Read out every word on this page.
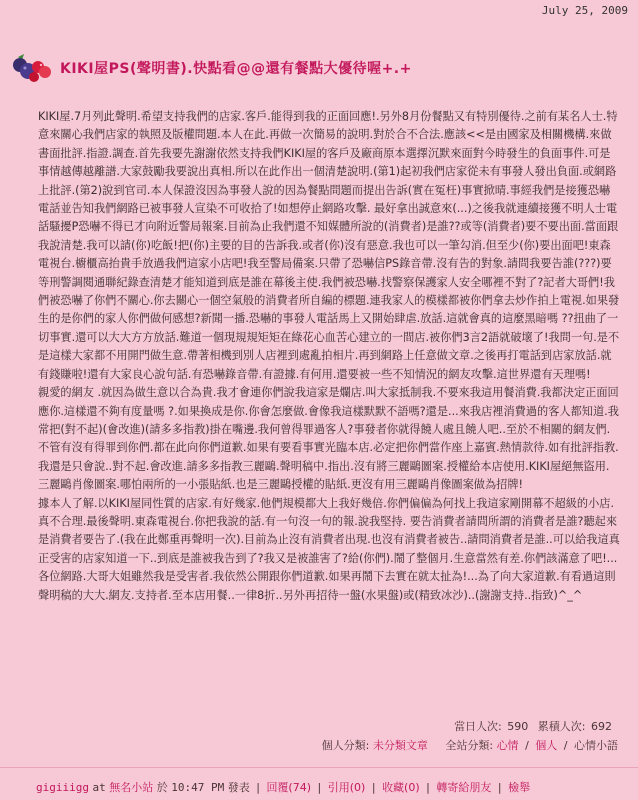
July 25, 2009
KIKI屋PS(聲明書).快點看@@還有餐點大優待喔+.+

KIKI屋.7月列此聲明.希望支持我們的店家.客戶.能得到我的正面回應!.另外8月份餐點又有特別優待.之前有某名人士.特意來關心我們店家的執照及版權問題.本人在此.再做一次簡易的說明.對於合不合法.應該<<是由國家及相關機構.來做書面批評.指證.調查.首先我要先謝謝依然支持我們KIKI屋的客戶及廠商原本選擇沉默來面對今時發生的負面事件.可是事情越傳越離譜.大家鼓勵我要說出真相.所以在此作出一個清楚說明.(第1)起初我們店家從未有事發人發出負面.或網路上批評.(第2)說到官司.本人保證沒因為事發人說的因為餐點問題而提出告訴(實在冤枉)事實掀晴.事經我們是接獲恐嚇電話並告知我們網路已被事發人宣染不可收拾了!如想停止網路攻擊. 最好拿出誠意來(...)之後我就連續接獲不明人士電話騷擾P恐嚇不得已才向附近警局報案.目前為止我們還不知媒體所說的(消費者)是誰??或等(消費者)要不要出面.當面跟我說清楚.我可以請(你)吃飯!把(你)主要的目的告訴我.或者(你)沒有惡意.我也可以一筆勾消.但至少(你)要出面吧!東森電視台.櫥櫃高抬貴手放過我們這家小店吧!我至警局備案.只帶了恐嚇信PS錄音帶.沒有告的對象.請問我要告誰(???)要等刑警調閱通聯紀錄查清楚才能知道到底是誰在幕後主使.我們被恐嚇.找警察保護家人安全哪裡不對了?記者大哥們!我們被恐嚇了你們不關心.你去關心一個空氣般的消費者所自編的標題.連我家人的模樣都被你們拿去炒作拍上電視.如果發生的是你們的家人你們做何感想?新聞一播.恐嚇的事發人電話馬上又開始肆虐.放話.這就會真的這麼黑暗嗎 ??扭曲了一切事實.還可以大大方方放話.難道一個現規規矩矩在綠花心血苦心建立的一間店.被你們3言2語就破壞了!我問一句.是不是這樣大家都不用開門做生意.帶著相機到別人店裡到處亂拍相片.再到網路上任意做文章.之後再打電話到店家放話.就有錢賺啦!還有大家良心說句話.有恐嚇錄音帶.有證據.有何用.還要被一些不知情況的網友攻擊.這世界還有天理嗎!

親愛的網友 .就因為做生意以合為貴.我才會連你們說我這家是爛店.叫大家抵制我.不要來我這用餐消費.我都決定正面回應你.這樣還不夠有度量嗎 ?.如果換成是你.你會怎麼做.會像我這樣默默不語嗎?還是...來我店裡消費過的客人都知道.我常把(對不起)(會改進)(請多多指教)掛在嘴邊.我何曾得罪過客人?事發者你就得饒人處且饒人吧..至於不相關的網友們.不管有沒有得罪到你們.都在此向你們道歉.如果有要看事實光臨本店.必定把你們當作座上嘉賓.熱情款待.如有批評指教.我還是只會說..對不起.會改進.請多多指教三麗鷗.聲明稿中.指出.沒有將三麗鷗圖案.授權給本店使用.KIKI屋絕無盜用.三麗鷗肖像圖案.哪怕兩所的一小張貼紙.也是三麗鷗授權的貼紙.更沒有用三麗鷗肖像圖案做為招牌!

據本人了解.以KIKI屋同性質的店家.有好幾家.他們規模都大上我好幾倍.你們偏偏為何找上我這家剛開幕不超級的小店.真不合理.最後聲明.東森電視台.你把我說的話.有一句沒一句的報.說我堅持. 要告消費者請問所謂的消費者是誰?聽起來是消費者要告了.(我在此鄭重再聲明一次).目前為止沒有消費者出現.也沒有消費者被告..請問消費者是誰..可以給我這真正受害的店家知道一下..到底是誰被我告到了?我又是被誰害了?給(你們).鬧了整個月.生意當然有差.你們該滿意了吧!...各位網路.大哥大姐雖然我是受害者.我依然公開跟你們道歉.如果再鬧下去實在就太扯為!...為了向大家道歉.有看過這則聲明稿的大大.網友.支持者.至本店用餐..一律8折..另外再招待一盤(水果盤)或(精致冰沙)..(謝謝支持..指致)^_^

當日人次: 590 累積人次: 692
個人分類: 未分類文章 全站分類: 心情 / 個人 / 心情小語
gigiiigg at 無名小站 於 10:47 PM 發表 | 回覆(74) | 引用(0) | 收藏(0) | 轉寄給朋友 | 檢舉
